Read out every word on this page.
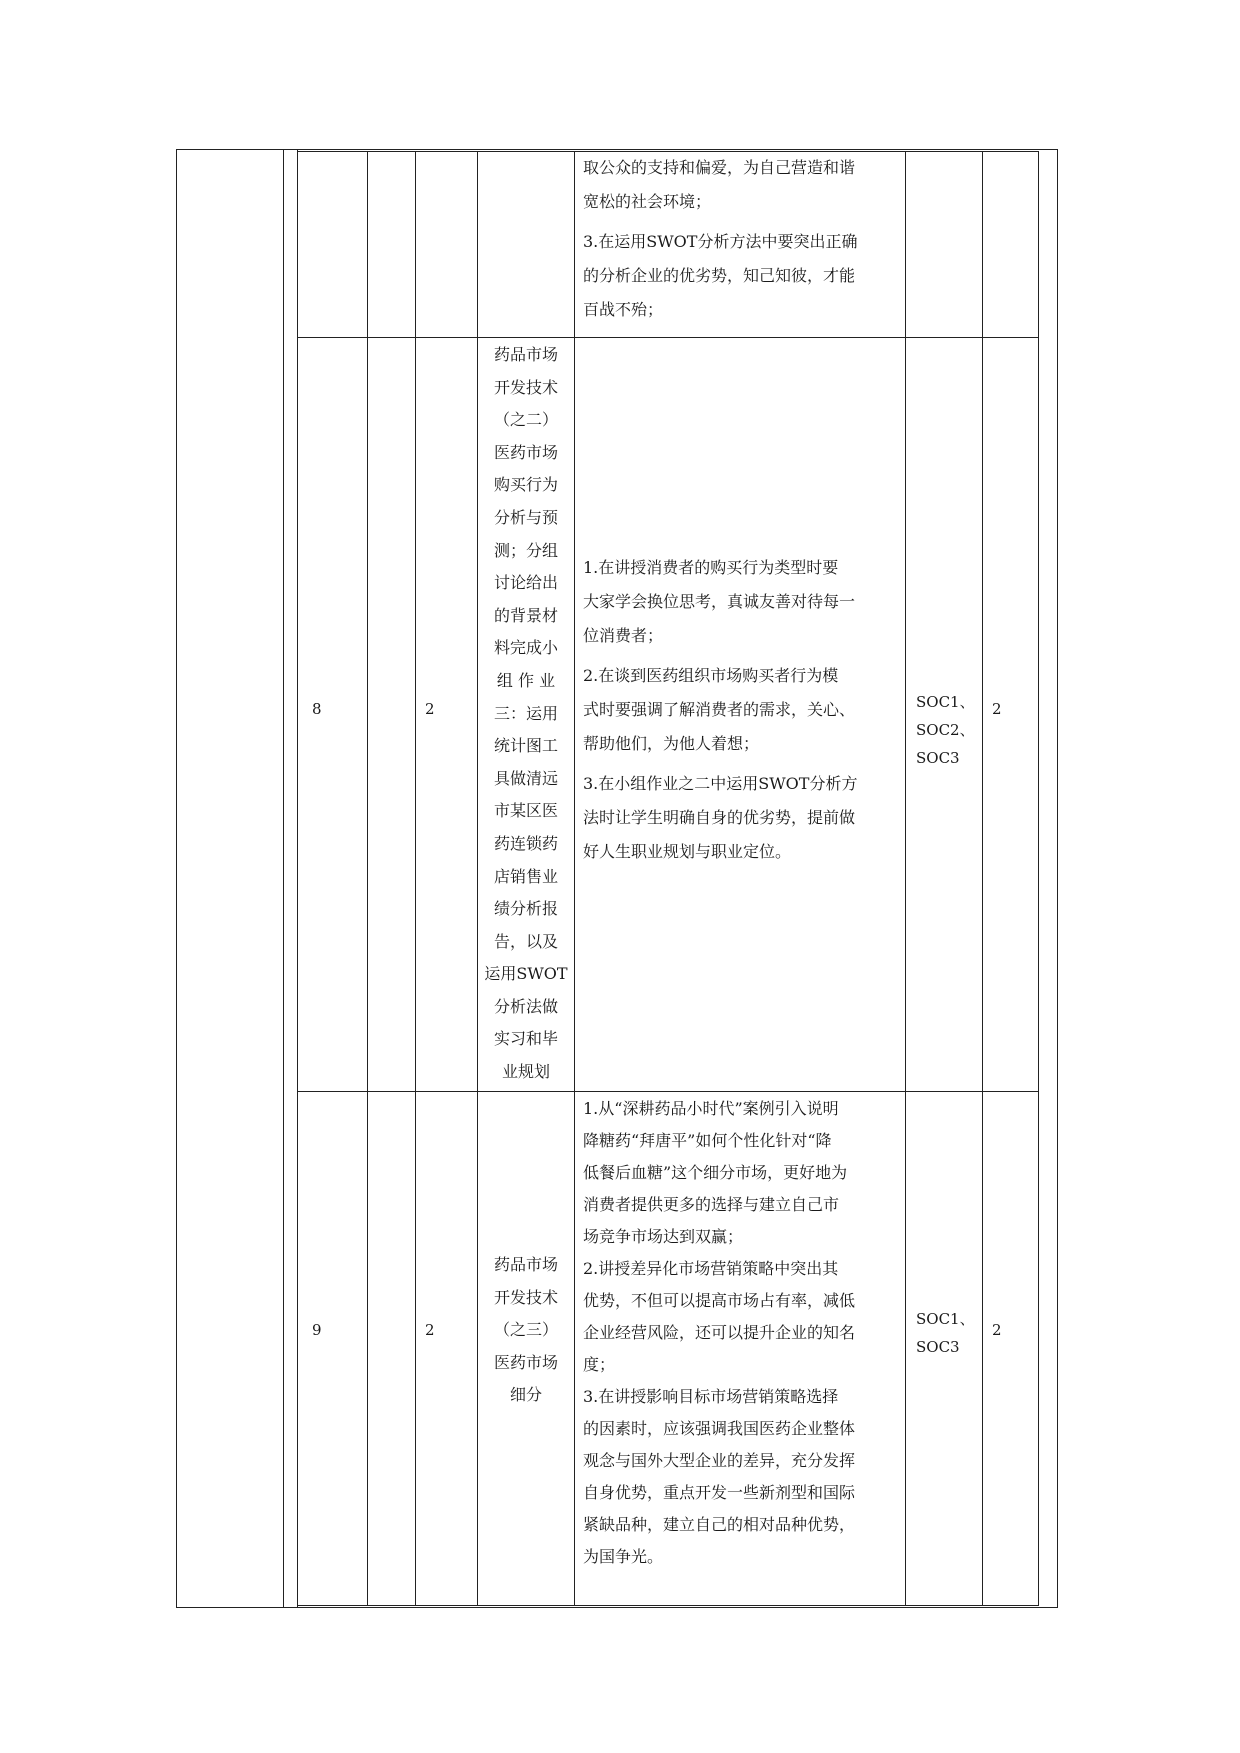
取公众的支持和偏爱，为自己营造和谐
宽松的社会环境；
3.在运用SWOT分析方法中要突出正确
的分析企业的优劣势，知己知彼，才能
百战不殆；
8	2
药品市场
开发技术
（之二）
医药市场
购买行为
分析与预
测；分组
讨论给出
的背景材
料完成小
组 作 业
三：运用
统计图工
具做清远
市某区医
药连锁药
店销售业
绩分析报
告，以及
运用SWOT
分析法做
实习和毕
业规划
1.在讲授消费者的购买行为类型时要
大家学会换位思考，真诚友善对待每一
位消费者；
2.在谈到医药组织市场购买者行为模
式时要强调了解消费者的需求，关心、
帮助他们，为他人着想；
3.在小组作业之二中运用SWOT分析方
法时让学生明确自身的优劣势，提前做
好人生职业规划与职业定位。
SOC1、
SOC2、
SOC3
2
9	2
药品市场
开发技术
（之三）
医药市场
细分
1.从“深耕药品小时代”案例引入说明
降糖药“拜唐平”如何个性化针对“降
低餐后血糖”这个细分市场，更好地为
消费者提供更多的选择与建立自己市
场竞争市场达到双赢；
2.讲授差异化市场营销策略中突出其
优势，不但可以提高市场占有率，减低
企业经营风险，还可以提升企业的知名
度；
3.在讲授影响目标市场营销策略选择
的因素时，应该强调我国医药企业整体
观念与国外大型企业的差异，充分发挥
自身优势，重点开发一些新剂型和国际
紧缺品种，建立自己的相对品种优势，
为国争光。
SOC1、
SOC3
2
